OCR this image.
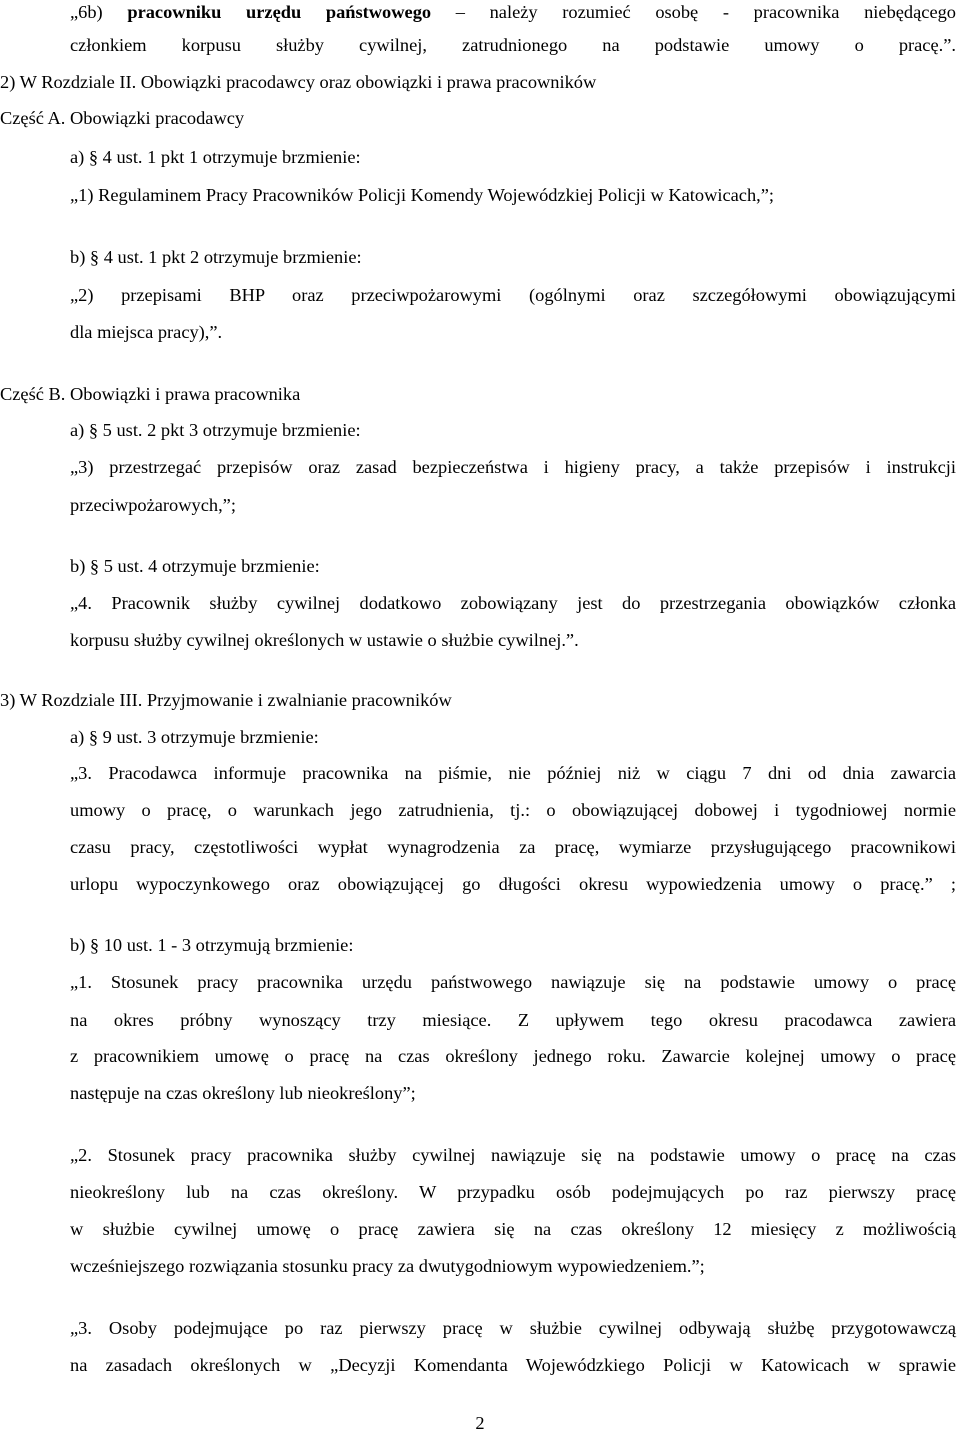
„6b) pracowniku urzędu państwowego – należy rozumieć osobę - pracownika niebędącego

członkiem korpusu służby cywilnej, zatrudnionego na podstawie umowy o pracę.”.

2) W Rozdziale II. Obowiązki pracodawcy oraz obowiązki i prawa pracowników

Część A. Obowiązki pracodawcy

a) § 4 ust. 1 pkt 1 otrzymuje brzmienie:

„1) Regulaminem Pracy Pracowników Policji Komendy Wojewódzkiej Policji w Katowicach,”;

b) § 4 ust. 1 pkt 2 otrzymuje brzmienie:

„2) przepisami BHP oraz przeciwpożarowymi (ogólnymi oraz szczegółowymi obowiązującymi

dla miejsca pracy),”.

Część B. Obowiązki i prawa pracownika

a) § 5 ust. 2 pkt 3 otrzymuje brzmienie:

„3) przestrzegać przepisów oraz zasad bezpieczeństwa i higieny pracy, a także przepisów i instrukcji

przeciwpożarowych,”;

b) § 5 ust. 4 otrzymuje brzmienie:

„4. Pracownik służby cywilnej dodatkowo zobowiązany jest do przestrzegania obowiązków członka

korpusu służby cywilnej określonych w ustawie o służbie cywilnej.”.

3) W Rozdziale III. Przyjmowanie i zwalnianie pracowników

a) § 9 ust. 3 otrzymuje brzmienie:

„3. Pracodawca informuje pracownika na piśmie, nie później niż w ciągu 7 dni od dnia zawarcia

umowy o pracę, o warunkach jego zatrudnienia, tj.: o obowiązującej dobowej i tygodniowej normie

czasu pracy, częstotliwości wypłat wynagrodzenia za pracę, wymiarze przysługującego pracownikowi

urlopu wypoczynkowego oraz obowiązującej go długości okresu wypowiedzenia umowy o pracę.” ;

b) § 10 ust. 1 - 3 otrzymują brzmienie:

„1. Stosunek pracy pracownika urzędu państwowego nawiązuje się na podstawie umowy o pracę

na okres próbny wynoszący trzy miesiące. Z upływem tego okresu pracodawca zawiera

z pracownikiem umowę o pracę na czas określony jednego roku. Zawarcie kolejnej umowy o pracę

następuje na czas określony lub nieokreślony”;

„2. Stosunek pracy pracownika służby cywilnej nawiązuje się na podstawie umowy o pracę na czas

nieokreślony lub na czas określony. W przypadku osób podejmujących po raz pierwszy pracę

w służbie cywilnej umowę o pracę zawiera się na czas określony 12 miesięcy z możliwością

wcześniejszego rozwiązania stosunku pracy za dwutygodniowym wypowiedzeniem.”;

„3. Osoby podejmujące po raz pierwszy pracę w służbie cywilnej odbywają służbę przygotowawczą

na zasadach określonych w „Decyzji Komendanta Wojewódzkiego Policji w Katowicach w sprawie

2
